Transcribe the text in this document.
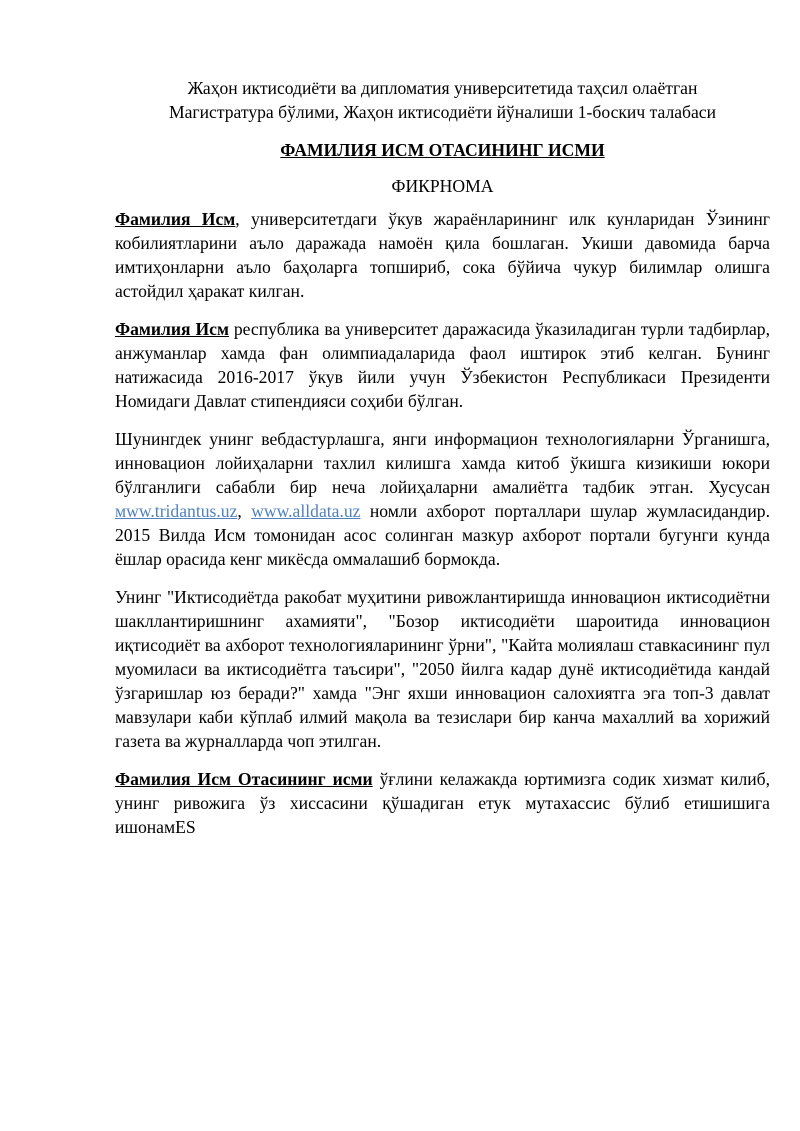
Жаҳон иктисодиёти ва дипломатия университетида таҳсил олаётган

Магистратура бўлими, Жаҳон иктисодиёти йўналиши 1-боскич талабаси

ФАМИЛИЯ ИСМ ОТАСИНИНГ ИСМИ

ФИКРНОМА

Фамилия Исм, университетдаги ўкув жараёнларининг илк кунларидан Ўзининг кобилиятларини аъло даражада намоён қила бошлаган. Укиши давомида барча имтиҳонларни аъло баҳоларга топшириб, сока бўйича чукур билимлар олишга астойдил ҳаракат килган.

Фамилия Исм республика ва университет даражасида ўказиладиган турли тадбирлар, анжуманлар хамда фан олимпиадаларида фаол иштирок этиб келган. Бунинг натижасида 2016-2017 ўкув йили учун Ўзбекистон Республикаси Президенти Номидаги Давлат стипендияси соҳиби бўлган.

Шунингдек унинг вебдастурлашга, янги информацион технологияларни Ўрганишга, инновацион лойиҳаларни тахлил килишга хамда китоб ўкишга кизикиши юкори бўлганлиги сабабли бир неча лойиҳаларни амалиётга тадбик этган. Хусусан мww.tridantus.uz, www.alldata.uz номли ахборот порталлари шулар жумласидандир. 2015 Вилда Исм томонидан асос солинган мазкур ахборот портали бугунги кунда ёшлар орасида кенг микёсда оммалашиб бормокда.

Унинг "Иктисодиётда ракобат муҳитини ривожлантиришда инновацион иктисодиётни шакллантиришнинг ахамияти", "Бозор иктисодиёти шароитида инновацион иқтисодиёт ва ахборот технологияларининг ўрни", "Кайта молиялаш ставкасининг пул муомиласи ва иктисодиётга таъсири", "2050 йилга кадар дунё иктисодиётида кандай ўзгаришлар юз беради?" хамда "Энг яхши инновацион салохиятга эга топ-3 давлат мавзулари каби кўплаб илмий мақола ва тезислари бир канча махаллий ва хорижий газета ва журналларда чоп этилган.

Фамилия Исм Отасининг исми ўғлини келажакда юртимизга содик хизмат килиб, унинг ривожига ўз хиссасини қўшадиган етук мутахассис бўлиб етишишига ишонамES
